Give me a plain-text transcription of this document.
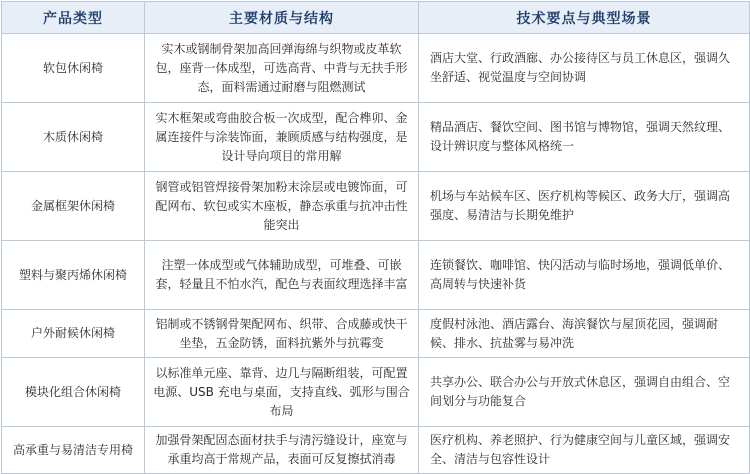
产品类型	主要材质与结构	技术要点与典型场景
软包休闲椅	实木或钢制骨架加高回弹海绵与织物或皮革软包，座背一体成型，可选高背、中背与无扶手形态，面料需通过耐磨与阻燃测试	酒店大堂、行政酒廊、办公接待区与员工休息区，强调久坐舒适、视觉温度与空间协调
木质休闲椅	实木框架或弯曲胶合板一次成型，配合榫卯、金属连接件与涂装饰面，兼顾质感与结构强度，是设计导向项目的常用解	精品酒店、餐饮空间、图书馆与博物馆，强调天然纹理、设计辨识度与整体风格统一
金属框架休闲椅	钢管或铝管焊接骨架加粉末涂层或电镀饰面，可配网布、软包或实木座板，静态承重与抗冲击性能突出	机场与车站候车区、医疗机构等候区、政务大厅，强调高强度、易清洁与长期免维护
塑料与聚丙烯休闲椅	注塑一体成型或气体辅助成型，可堆叠、可嵌套，轻量且不怕水汽，配色与表面纹理选择丰富	连锁餐饮、咖啡馆、快闪活动与临时场地，强调低单价、高周转与快速补货
户外耐候休闲椅	铝制或不锈钢骨架配网布、织带、合成藤或快干坐垫，五金防锈，面料抗紫外与抗霉变	度假村泳池、酒店露台、海滨餐饮与屋顶花园，强调耐候、排水、抗盐雾与易冲洗
模块化组合休闲椅	以标准单元座、靠背、边几与隔断组装，可配置电源、USB 充电与桌面，支持直线、弧形与围合布局	共享办公、联合办公与开放式休息区，强调自由组合、空间划分与功能复合
高承重与易清洁专用椅	加强骨架配固态面材扶手与清污缝设计，座宽与承重均高于常规产品，表面可反复擦拭消毒	医疗机构、养老照护、行为健康空间与儿童区域，强调安全、清洁与包容性设计
